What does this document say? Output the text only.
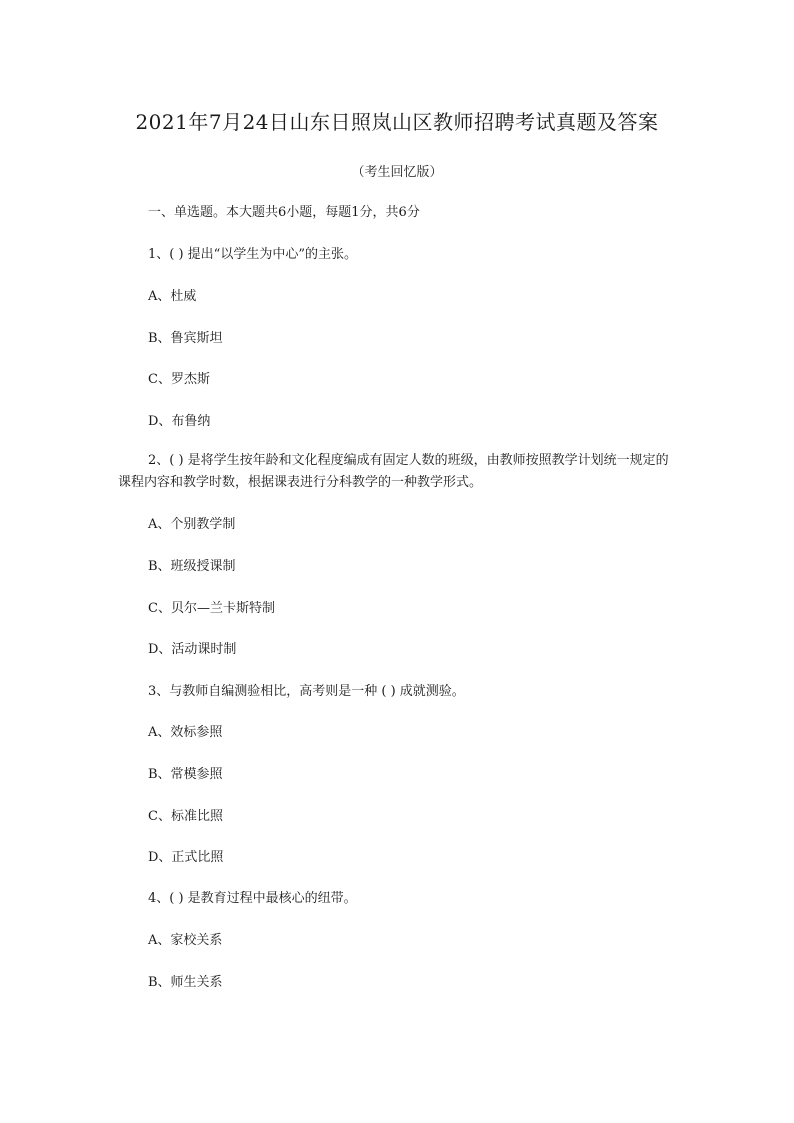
2021年7月24日山东日照岚山区教师招聘考试真题及答案
（考生回忆版）
一、单选题。本大题共6小题，每题1分，共6分
1、( ) 提出“以学生为中心”的主张。
A、杜威
B、鲁宾斯坦
C、罗杰斯
D、布鲁纳
2、( ) 是将学生按年龄和文化程度编成有固定人数的班级，由教师按照教学计划统一规定的课程内容和教学时数，根据课表进行分科教学的一种教学形式。
A、个别教学制
B、班级授课制
C、贝尔—兰卡斯特制
D、活动课时制
3、与教师自编测验相比，高考则是一种 ( ) 成就测验。
A、效标参照
B、常模参照
C、标准比照
D、正式比照
4、( ) 是教育过程中最核心的纽带。
A、家校关系
B、师生关系
